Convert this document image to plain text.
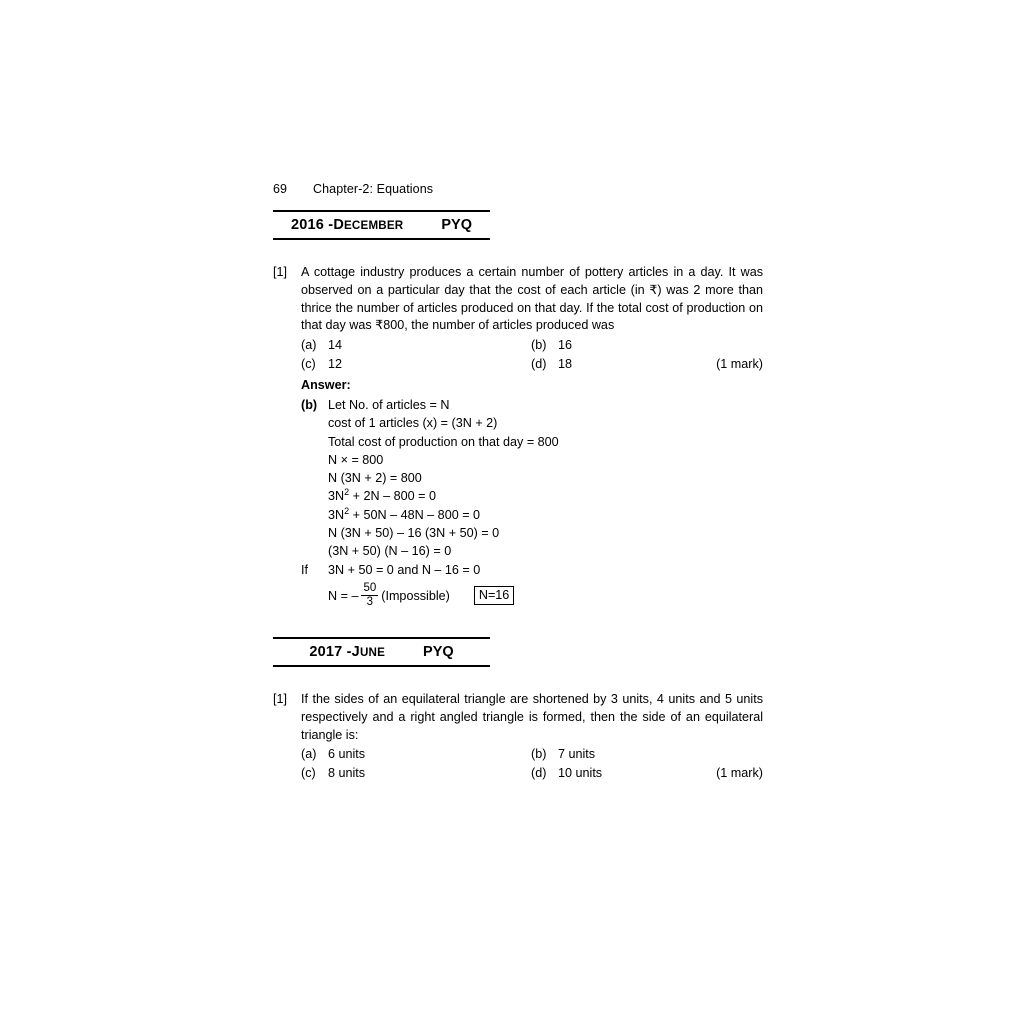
69	Chapter-2: Equations
2016 - DECEMBER	PYQ
[1]	A cottage industry produces a certain number of pottery articles in a day. It was observed on a particular day that the cost of each article (in ₹) was 2 more than thrice the number of articles produced on that day. If the total cost of production on that day was ₹800, the number of articles produced was
(a) 14	(b) 16
(c) 12	(d) 18	(1 mark)
Answer:
(b) Let No. of articles = N
cost of 1 articles (x) = (3N + 2)
Total cost of production on that day = 800
N × = 800
N (3N + 2) = 800
$3N^2 + 2N - 800 = 0$
$3N^2 + 50N - 48N - 800 = 0$
N (3N + 50) – 16 (3N + 50) = 0
(3N + 50) (N – 16) = 0
If	3N + 50 = 0 and N – 16 = 0
N = – $\frac{50}{3}$ (Impossible)	N=16
2017 - JUNE	PYQ
[1]	If the sides of an equilateral triangle are shortened by 3 units, 4 units and 5 units respectively and a right angled triangle is formed, then the side of an equilateral triangle is:
(a) 6 units	(b) 7 units
(c) 8 units	(d) 10 units	(1 mark)
